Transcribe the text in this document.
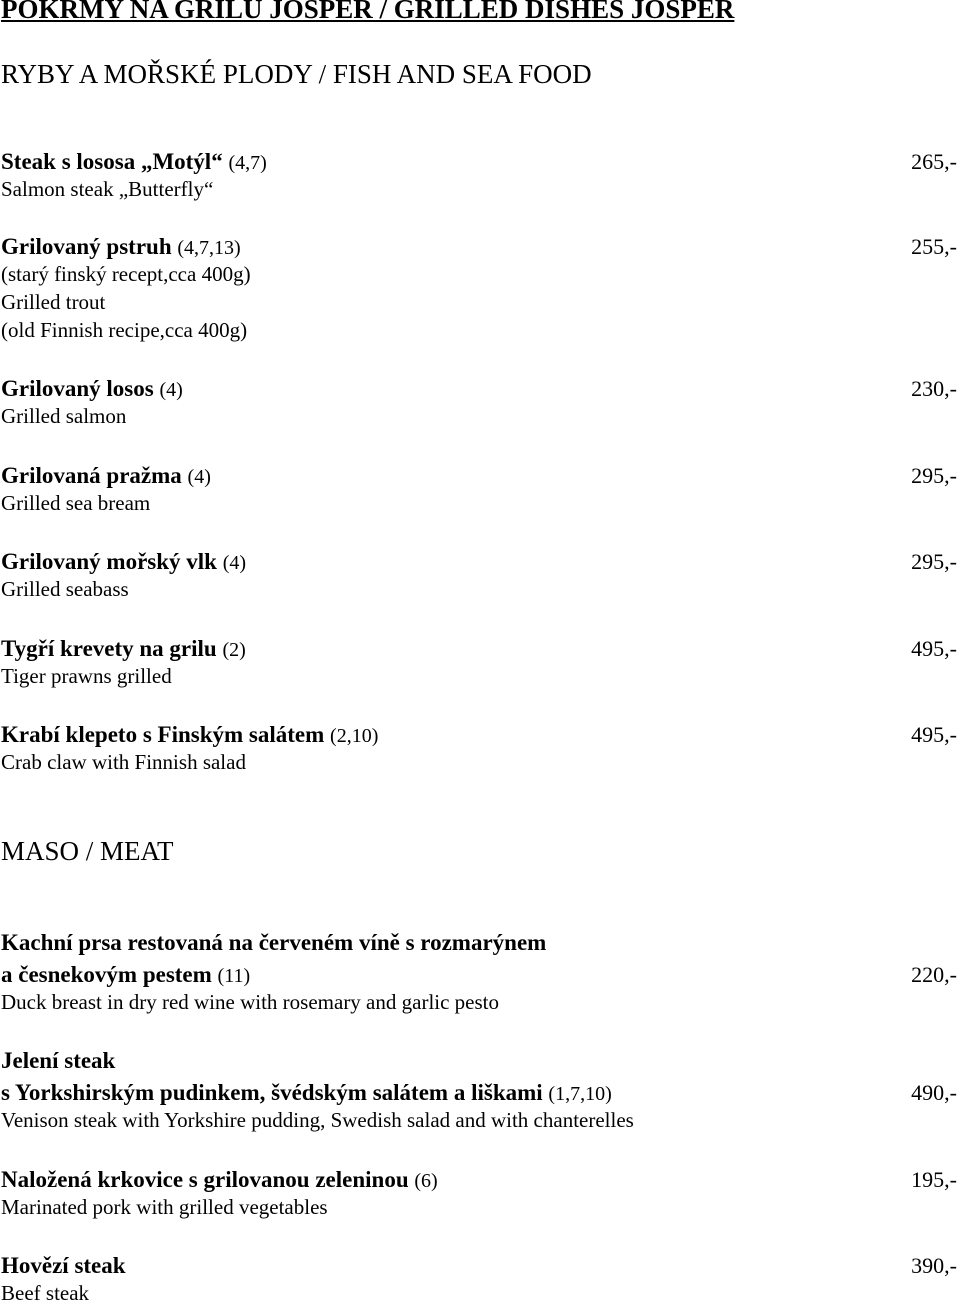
POKRMY NA GRILU JOSPER / GRILLED DISHES JOSPER
RYBY A MOŘSKÉ PLODY / FISH AND SEA FOOD
Steak s lososa „Motýl“ (4,7)	265,-
Salmon steak „Butterfly“
Grilovaný pstruh (4,7,13)	255,-
(starý finský recept,cca 400g)
Grilled trout
(old Finnish recipe,cca 400g)
Grilovaný losos (4)	230,-
Grilled salmon
Grilovaná pražma (4)	295,-
Grilled sea bream
Grilovaný mořský vlk (4)	295,-
Grilled seabass
Tygří krevety na grilu (2)	495,-
Tiger prawns grilled
Krabí klepeto s Finským salátem (2,10)	495,-
Crab claw with Finnish salad
MASO / MEAT
Kachní prsa restovaná na červeném víně s rozmarýnem
a česnekovým pestem (11)	220,-
Duck breast in dry red wine with rosemary and garlic pesto
Jelení steak
s Yorkshirským pudinkem, švédským salátem a liškami (1,7,10)	490,-
Venison steak with Yorkshire pudding, Swedish salad and with chanterelles
Naložená krkovice s grilovanou zeleninou (6)	195,-
Marinated pork with grilled vegetables
Hovězí steak	390,-
Beef steak
